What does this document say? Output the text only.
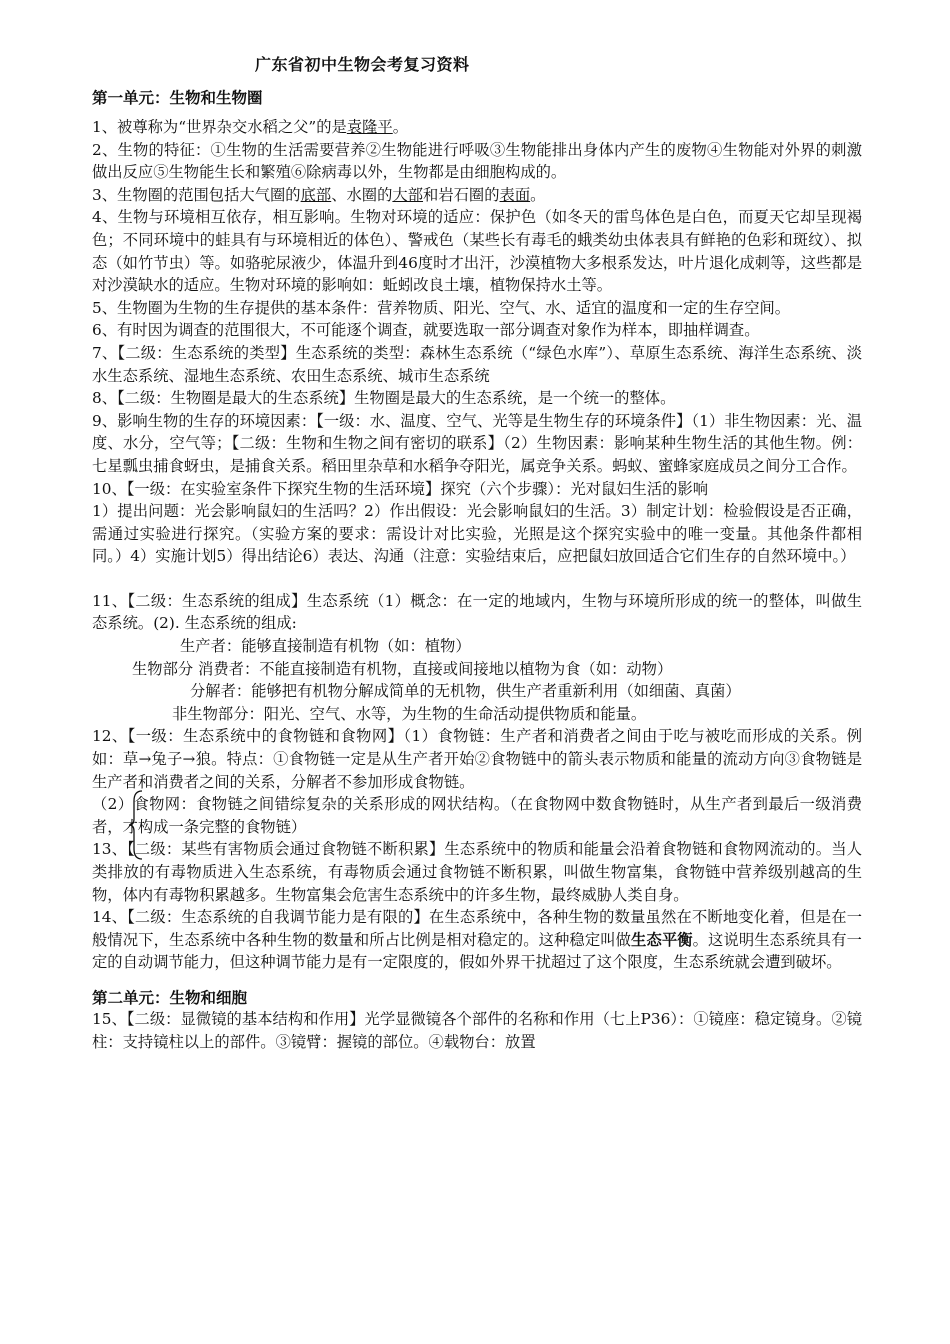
广东省初中生物会考复习资料
第一单元：生物和生物圈

1、被尊称为“世界杂交水稻之父”的是袁隆平。

2、生物的特征：①生物的生活需要营养②生物能进行呼吸③生物能排出身体内产生的废物④生物能对外界的刺激做出反应⑤生物能生长和繁殖⑥除病毒以外，生物都是由细胞构成的。

3、生物圈的范围包括大气圈的底部、水圈的大部和岩石圈的表面。

4、生物与环境相互依存，相互影响。生物对环境的适应：保护色（如冬天的雷鸟体色是白色，而夏天它却呈现褐色；不同环境中的蛙具有与环境相近的体色）、警戒色（某些长有毒毛的蛾类幼虫体表具有鲜艳的色彩和斑纹）、拟态（如竹节虫）等。如骆驼尿液少，体温升到46度时才出汗，沙漠植物大多根系发达，叶片退化成刺等，这些都是对沙漠缺水的适应。生物对环境的影响如：蚯蚓改良土壤，植物保持水土等。

5、生物圈为生物的生存提供的基本条件：营养物质、阳光、空气、水、适宜的温度和一定的生存空间。

6、有时因为调查的范围很大，不可能逐个调查，就要选取一部分调查对象作为样本，即抽样调查。

7、【二级：生态系统的类型】生态系统的类型：森林生态系统（“绿色水库”）、草原生态系统、海洋生态系统、淡水生态系统、湿地生态系统、农田生态系统、城市生态系统

8、【二级：生物圈是最大的生态系统】生物圈是最大的生态系统，是一个统一的整体。

9、影响生物的生存的环境因素：【一级：水、温度、空气、光等是生物生存的环境条件】（1）非生物因素：光、温度、水分，空气等；【二级：生物和生物之间有密切的联系】（2）生物因素：影响某种生物生活的其他生物。例：七星瓢虫捕食蚜虫，是捕食关系。稻田里杂草和水稻争夺阳光，属竞争关系。蚂蚁、蜜蜂家庭成员之间分工合作。

10、【一级：在实验室条件下探究生物的生活环境】探究（六个步骤）：光对鼠妇生活的影响

1）提出问题：光会影响鼠妇的生活吗？2）作出假设：光会影响鼠妇的生活。3）制定计划：检验假设是否正确，需通过实验进行探究。（实验方案的要求：需设计对比实验，光照是这个探究实验中的唯一变量。其他条件都相同。）4）实施计划5）得出结论6）表达、沟通（注意：实验结束后，应把鼠妇放回适合它们生存的自然环境中。）

11、【二级：生态系统的组成】生态系统（1）概念：在一定的地域内，生物与环境所形成的统一的整体，叫做生态系统。(2). 生态系统的组成:

生产者：能够直接制造有机物（如：植物）
生物部分 消费者：不能直接制造有机物，直接或间接地以植物为食（如：动物）

分解者：能够把有机物分解成简单的无机物，供生产者重新利用（如细菌、真菌）

非生物部分：阳光、空气、水等，为生物的生命活动提供物质和能量。

12、【一级：生态系统中的食物链和食物网】（1）食物链：生产者和消费者之间由于吃与被吃而形成的关系。例如：草→兔子→狼。特点：①食物链一定是从生产者开始②食物链中的箭头表示物质和能量的流动方向③食物链是生产者和消费者之间的关系，分解者不参加形成食物链。

（2）食物网：食物链之间错综复杂的关系形成的网状结构。（在食物网中数食物链时，从生产者到最后一级消费者，才构成一条完整的食物链）

13、【二级：某些有害物质会通过食物链不断积累】生态系统中的物质和能量会沿着食物链和食物网流动的。当人类排放的有毒物质进入生态系统，有毒物质会通过食物链不断积累，叫做生物富集，食物链中营养级别越高的生物，体内有毒物积累越多。生物富集会危害生态系统中的许多生物，最终威胁人类自身。

14、【二级：生态系统的自我调节能力是有限的】在生态系统中，各种生物的数量虽然在不断地变化着，但是在一般情况下，生态系统中各种生物的数量和所占比例是相对稳定的。这种稳定叫做生态平衡。这说明生态系统具有一定的自动调节能力，但这种调节能力是有一定限度的，假如外界干扰超过了这个限度，生态系统就会遭到破坏。

第二单元：生物和细胞

15、【二级：显微镜的基本结构和作用】光学显微镜各个部件的名称和作用（七上P36）：①镜座：稳定镜身。②镜柱：支持镜柱以上的部件。③镜臂：握镜的部位。④载物台：放置
